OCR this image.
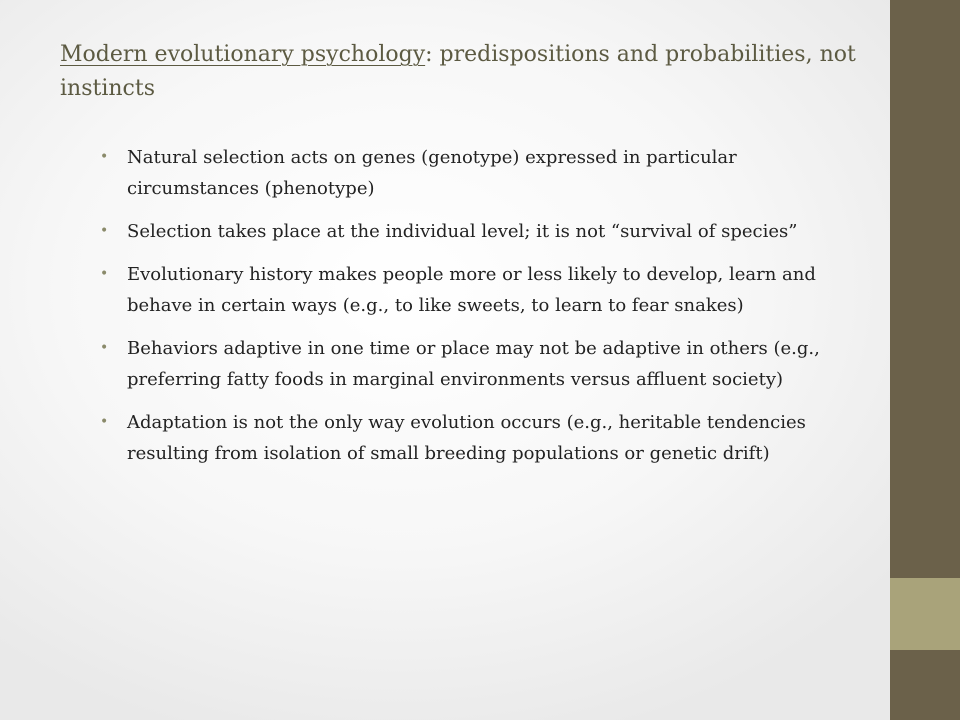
Modern evolutionary psychology: predispositions and probabilities, not instincts
• Natural selection acts on genes (genotype) expressed in particular circumstances (phenotype)
• Selection takes place at the individual level; it is not “survival of species”
• Evolutionary history makes people more or less likely to develop, learn and behave in certain ways (e.g., to like sweets, to learn to fear snakes)
• Behaviors adaptive in one time or place may not be adaptive in others (e.g., preferring fatty foods in marginal environments versus affluent society)
• Adaptation is not the only way evolution occurs (e.g., heritable tendencies resulting from isolation of small breeding populations or genetic drift)
